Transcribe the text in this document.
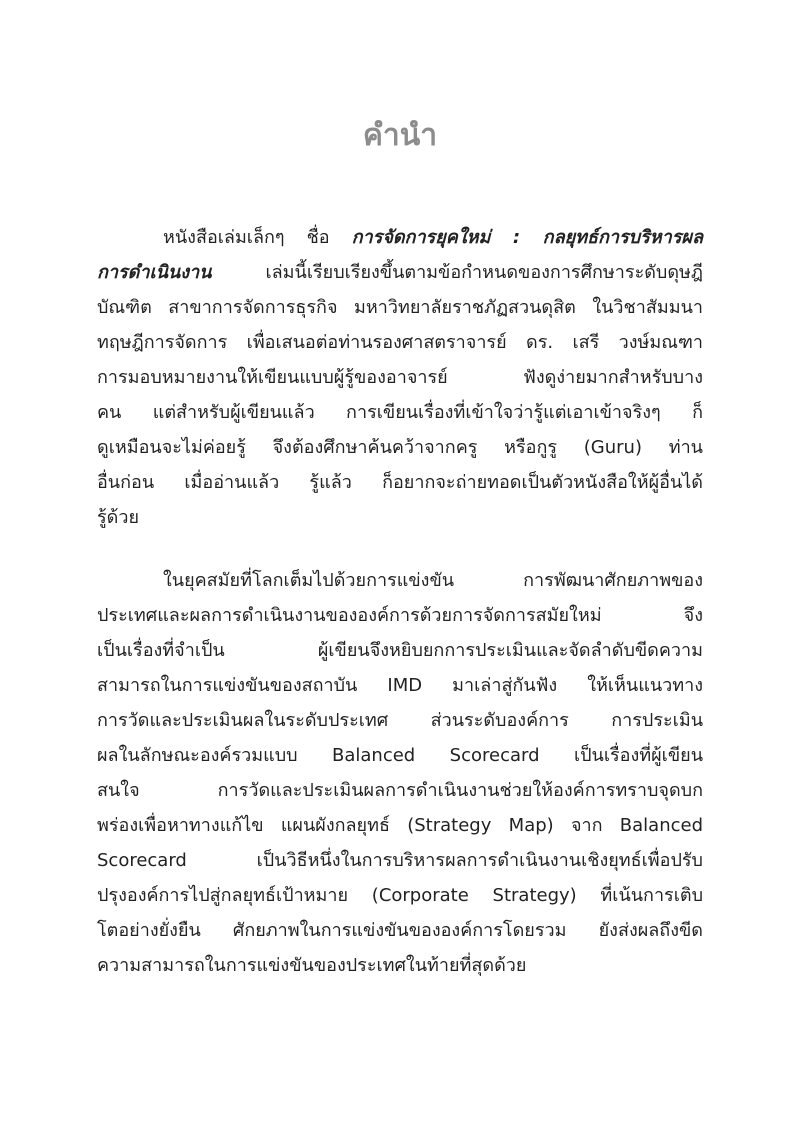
คำนำ
หนังสือเล่มเล็กๆ ชื่อ การจัดการยุคใหม่ : กลยุทธ์การบริหารผล
การดำเนินงาน เล่มนี้เรียบเรียงขึ้นตามข้อกำหนดของการศึกษาระดับดุษฎี
บัณฑิต สาขาการจัดการธุรกิจ มหาวิทยาลัยราชภัฏสวนดุสิต ในวิชาสัมมนา
ทฤษฎีการจัดการ เพื่อเสนอต่อท่านรองศาสตราจารย์ ดร. เสรี วงษ์มณฑา
การมอบหมายงานให้เขียนแบบผู้รู้ของอาจารย์ ฟังดูง่ายมากสำหรับบาง
คน แต่สำหรับผู้เขียนแล้ว การเขียนเรื่องที่เข้าใจว่ารู้แต่เอาเข้าจริงๆ ก็
ดูเหมือนจะไม่ค่อยรู้ จึงต้องศึกษาค้นคว้าจากครู หรือกูรู (Guru) ท่าน
อื่นก่อน เมื่ออ่านแล้ว รู้แล้ว ก็อยากจะถ่ายทอดเป็นตัวหนังสือให้ผู้อื่นได้
รู้ด้วย
ในยุคสมัยที่โลกเต็มไปด้วยการแข่งขัน การพัฒนาศักยภาพของ
ประเทศและผลการดำเนินงานขององค์การด้วยการจัดการสมัยใหม่ จึง
เป็นเรื่องที่จำเป็น ผู้เขียนจึงหยิบยกการประเมินและจัดลำดับขีดความ
สามารถในการแข่งขันของสถาบัน IMD มาเล่าสู่กันฟัง ให้เห็นแนวทาง
การวัดและประเมินผลในระดับประเทศ ส่วนระดับองค์การ การประเมิน
ผลในลักษณะองค์รวมแบบ Balanced Scorecard เป็นเรื่องที่ผู้เขียน
สนใจ การวัดและประเมินผลการดำเนินงานช่วยให้องค์การทราบจุดบก
พร่องเพื่อหาทางแก้ไข แผนผังกลยุทธ์ (Strategy Map) จาก Balanced
Scorecard เป็นวิธีหนึ่งในการบริหารผลการดำเนินงานเชิงยุทธ์เพื่อปรับ
ปรุงองค์การไปสู่กลยุทธ์เป้าหมาย (Corporate Strategy) ที่เน้นการเติบ
โตอย่างยั่งยืน ศักยภาพในการแข่งขันขององค์การโดยรวม ยังส่งผลถึงขีด
ความสามารถในการแข่งขันของประเทศในท้ายที่สุดด้วย
